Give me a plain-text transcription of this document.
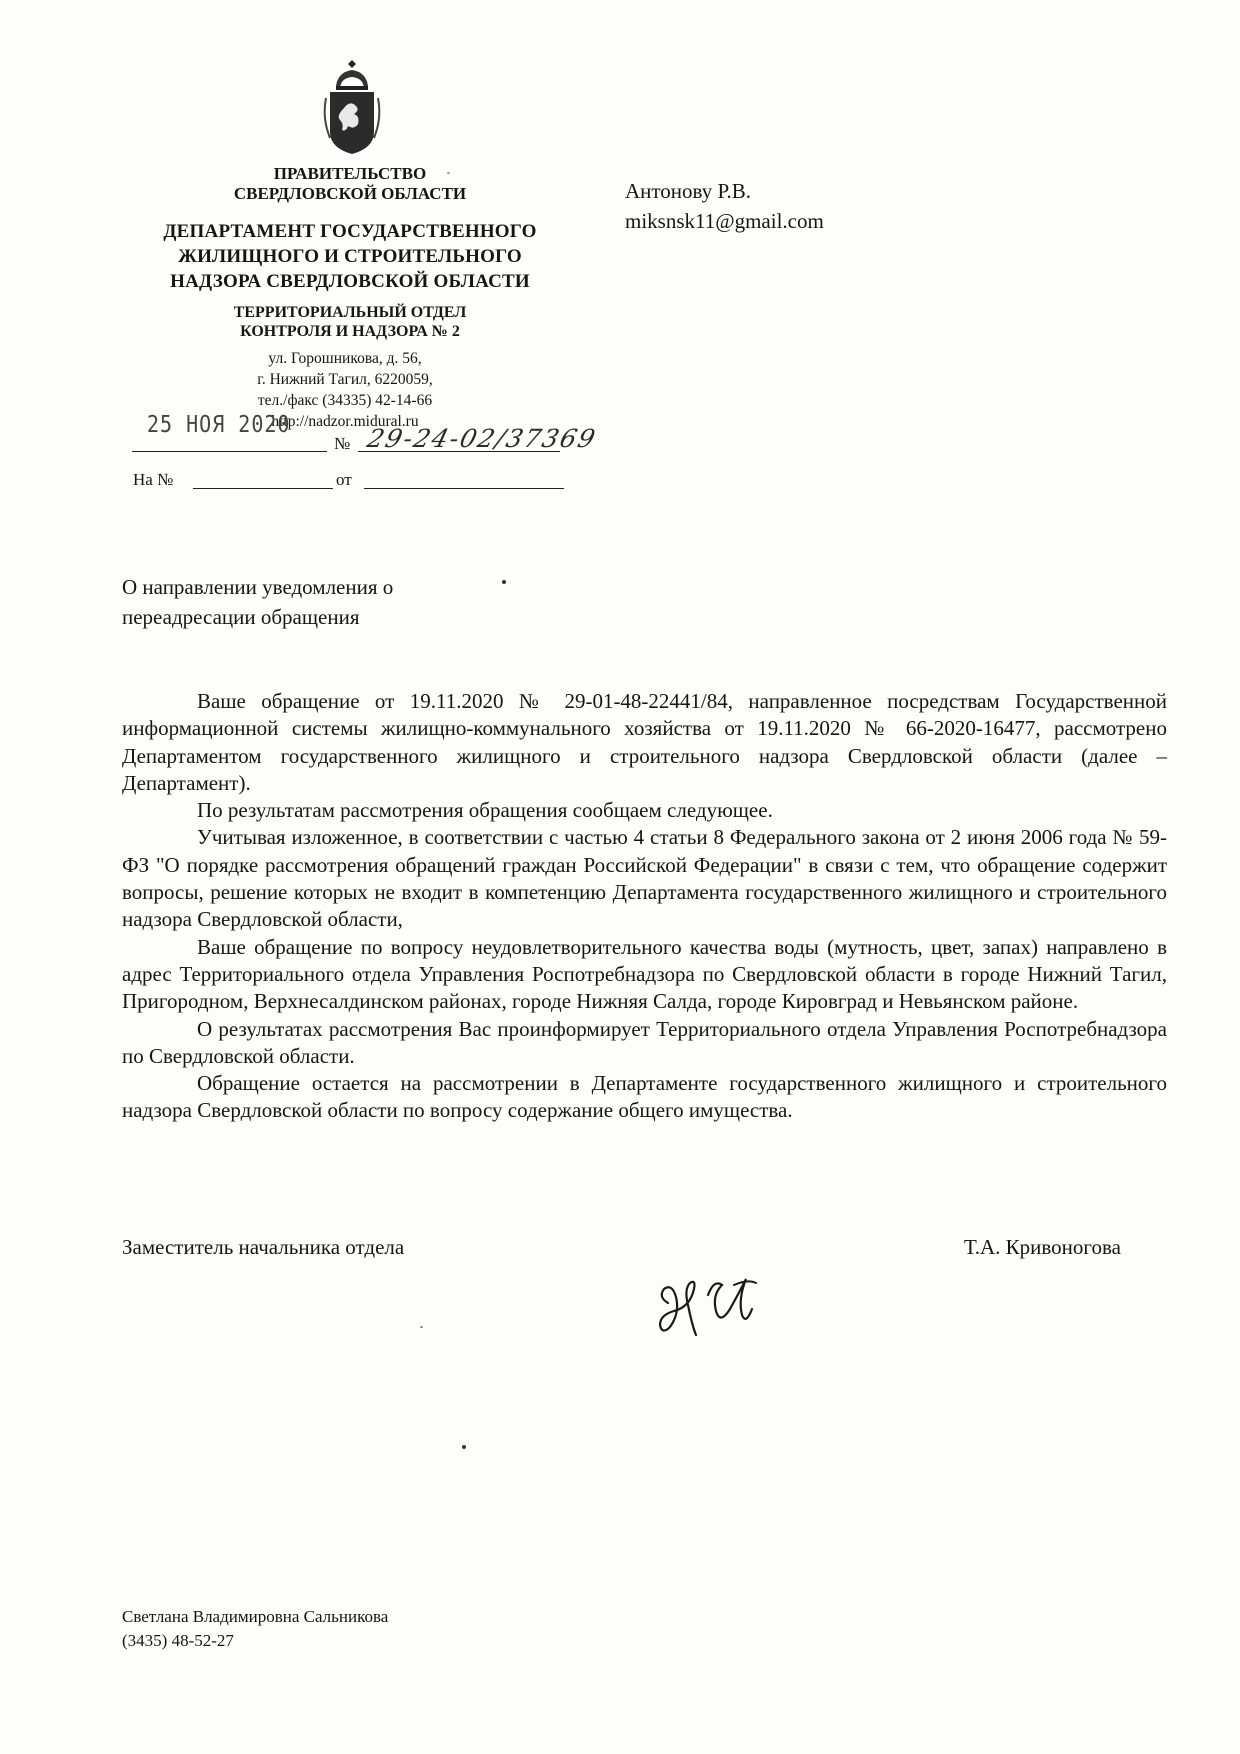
ПРАВИТЕЛЬСТВО
СВЕРДЛОВСКОЙ ОБЛАСТИ
ДЕПАРТАМЕНТ ГОСУДАРСТВЕННОГО
ЖИЛИЩНОГО И СТРОИТЕЛЬНОГО
НАДЗОРА СВЕРДЛОВСКОЙ ОБЛАСТИ
ТЕРРИТОРИАЛЬНЫЙ ОТДЕЛ
КОНТРОЛЯ И НАДЗОРА № 2
ул. Горошникова, д. 56,
г. Нижний Тагил, 6220059,
тел./факс (34335) 42-14-66
http://nadzor.midural.ru
Антонову Р.В.
miksnsk11@gmail.com
25 НОЯ 2020
№ 29-24-02/37369
На №	от
О направлении уведомления о
переадресации обращения

Ваше обращение от 19.11.2020 № 29-01-48-22441/84, направленное посредствам Государственной информационной системы жилищно-коммунального хозяйства от 19.11.2020 № 66-2020-16477, рассмотрено Департаментом государственного жилищного и строительного надзора Свердловской области (далее – Департамент).

По результатам рассмотрения обращения сообщаем следующее.

Учитывая изложенное, в соответствии с частью 4 статьи 8 Федерального закона от 2 июня 2006 года № 59-ФЗ "О порядке рассмотрения обращений граждан Российской Федерации" в связи с тем, что обращение содержит вопросы, решение которых не входит в компетенцию Департамента государственного жилищного и строительного надзора Свердловской области,

Ваше обращение по вопросу неудовлетворительного качества воды (мутность, цвет, запах) направлено в адрес Территориального отдела Управления Роспотребнадзора по Свердловской области в городе Нижний Тагил, Пригородном, Верхнесалдинском районах, городе Нижняя Салда, городе Кировград и Невьянском районе.

О результатах рассмотрения Вас проинформирует Территориального отдела Управления Роспотребнадзора по Свердловской области.

Обращение остается на рассмотрении в Департаменте государственного жилищного и строительного надзора Свердловской области по вопросу содержание общего имущества.

Заместитель начальника отдела	Т.А. Кривоногова
Светлана Владимировна Сальникова
(3435) 48-52-27
